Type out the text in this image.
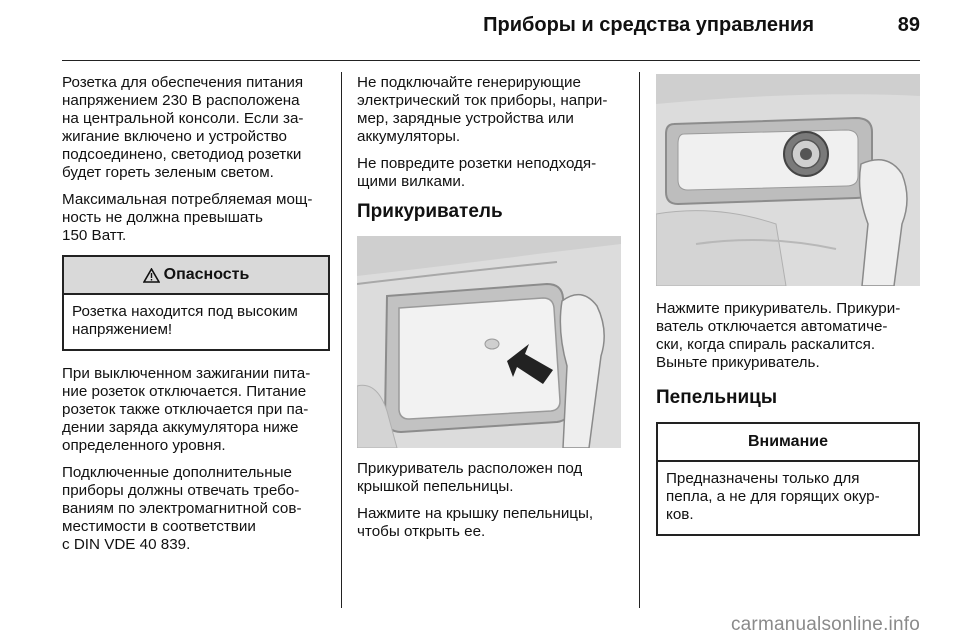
Приборы и средства управления	89

Розетка для обеспечения питания
напряжением 230 В расположена
на центральной консоли. Если за-
жигание включено и устройство
подсоединено, светодиод розетки
будет гореть зеленым светом.

Максимальная потребляемая мощ-
ность не должна превышать
150 Ватт.

Опасность
Розетка находится под высоким
напряжением!

При выключенном зажигании пита-
ние розеток отключается. Питание
розеток также отключается при па-
дении заряда аккумулятора ниже
определенного уровня.

Подключенные дополнительные
приборы должны отвечать требо-
ваниям по электромагнитной сов-
местимости в соответствии
с DIN VDE 40 839.

Не подключайте генерирующие
электрический ток приборы, напри-
мер, зарядные устройства или
аккумуляторы.

Не повредите розетки неподходя-
щими вилками.

Прикуриватель

Прикуриватель расположен под
крышкой пепельницы.

Нажмите на крышку пепельницы,
чтобы открыть ее.

Нажмите прикуриватель. Прикури-
ватель отключается автоматиче-
ски, когда спираль раскалится.
Выньте прикуриватель.

Пепельницы
Внимание
Предназначены только для
пепла, а не для горящих окур-
ков.
carmanualsonline.info
